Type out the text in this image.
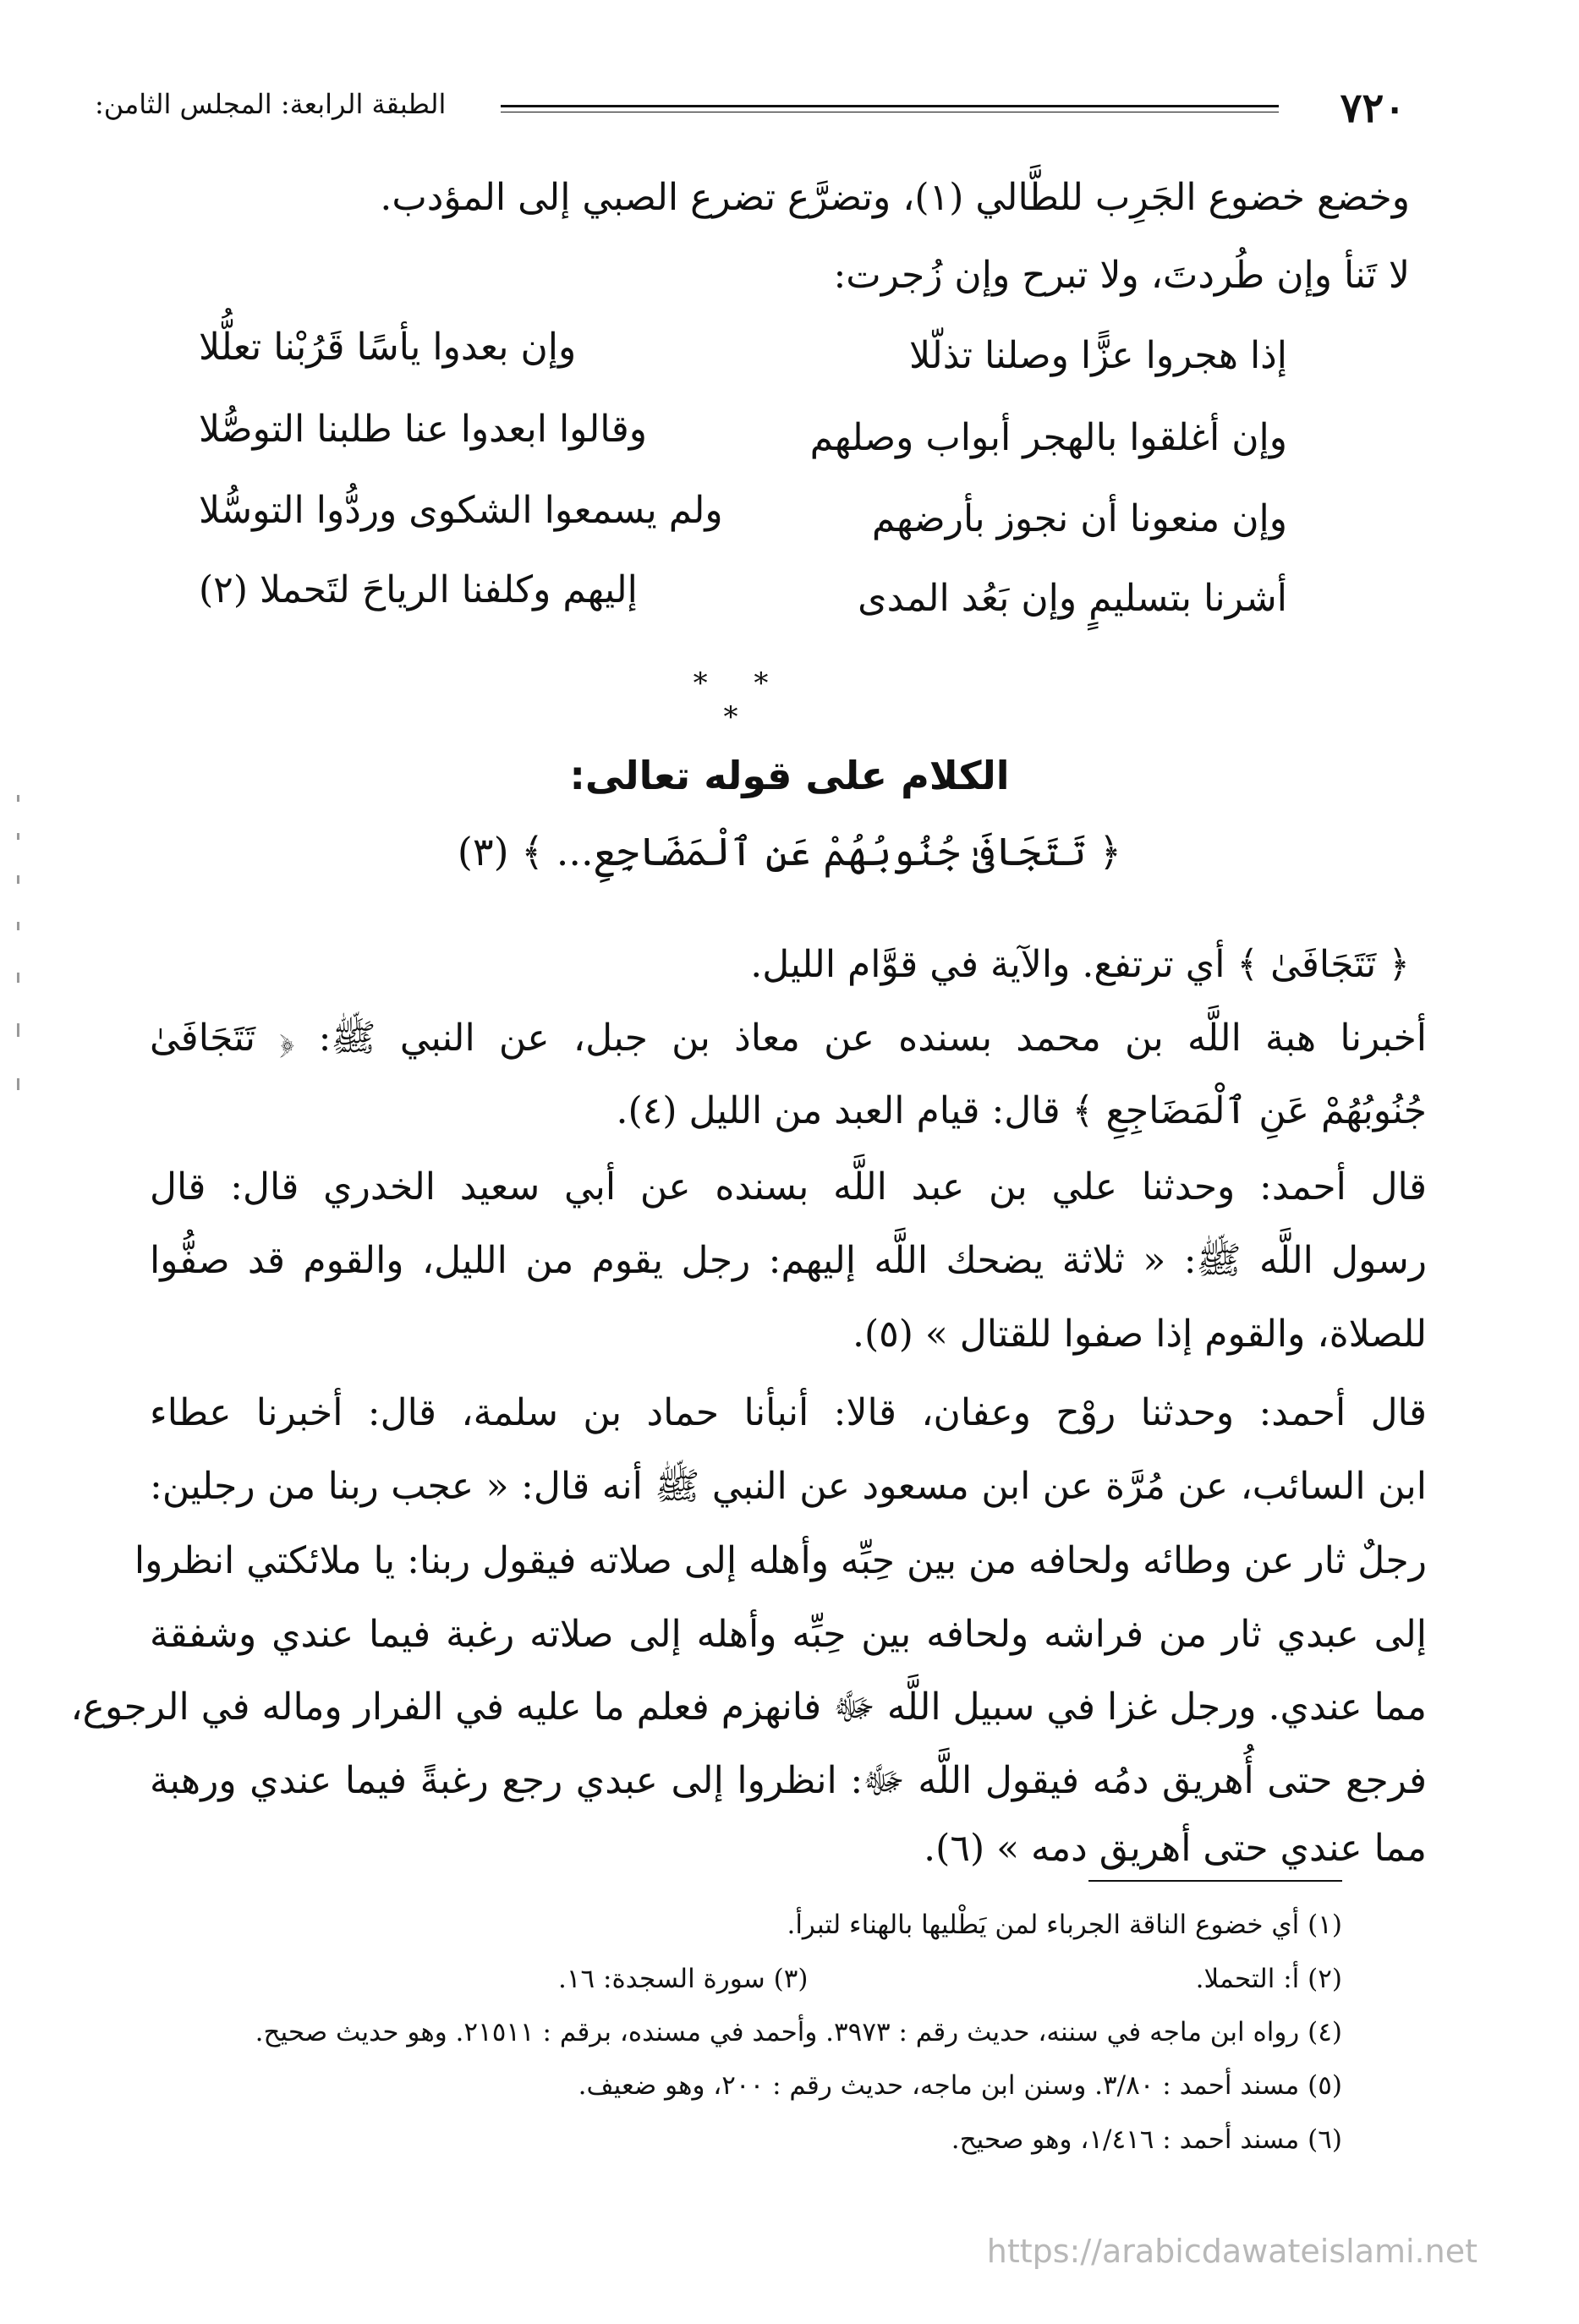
٧٢٠
الطبقة الرابعة: المجلس الثامن:
وخضع خضوع الجَرِب للطَّالي (١)، وتضرَّع تضرع الصبي إلى المؤدب.
لا تَنأ وإن طُردتَ، ولا تبرح وإن زُجرت:
إذا هجروا عزًّا وصلنا تذلّلا
وإن بعدوا يأسًا قَرُبْنا تعلُّلا
وإن أغلقوا بالهجر أبواب وصلهم
وقالوا ابعدوا عنا طلبنا التوصُّلا
وإن منعونا أن نجوز بأرضهم
ولم يسمعوا الشكوى وردُّوا التوسُّلا
أشرنا بتسليمٍ وإن بَعُد المدى
إليهم وكلفنا الرياحَ لتَحملا (٢)
* * *
الكلام على قوله تعالى:
﴿ تَتَجَافَىٰ جُنُوبُهُمْ عَنِ ٱلْمَضَاجِعِ... ﴾ (٣)
﴿ تَتَجَافَىٰ ﴾ أي ترتفع. والآية في قوَّام الليل.
أخبرنا هبة اللَّه بن محمد بسنده عن معاذ بن جبل، عن النبي ﷺ: ﴿ تَتَجَافَىٰ
جُنُوبُهُمْ عَنِ ٱلْمَضَاجِعِ ﴾ قال: قيام العبد من الليل (٤).
قال أحمد: وحدثنا علي بن عبد اللَّه بسنده عن أبي سعيد الخدري قال: قال
رسول اللَّه ﷺ: « ثلاثة يضحك اللَّه إليهم: رجل يقوم من الليل، والقوم قد صفُّوا
للصلاة، والقوم إذا صفوا للقتال » (٥).
قال أحمد: وحدثنا روْح وعفان، قالا: أنبأنا حماد بن سلمة، قال: أخبرنا عطاء
ابن السائب، عن مُرَّة عن ابن مسعود عن النبي ﷺ أنه قال: « عجب ربنا من رجلين:
رجلٌ ثار عن وطائه ولحافه من بين حِبِّه وأهله إلى صلاته فيقول ربنا: يا ملائكتي انظروا
إلى عبدي ثار من فراشه ولحافه بين حِبِّه وأهله إلى صلاته رغبة فيما عندي وشفقة
مما عندي. ورجل غزا في سبيل اللَّه ﷻ فانهزم فعلم ما عليه في الفرار وماله في الرجوع،
فرجع حتى أُهريق دمُه فيقول اللَّه ﷻ: انظروا إلى عبدي رجع رغبةً فيما عندي ورهبة
مما عندي حتى أهريق دمه » (٦).
(١) أي خضوع الناقة الجرباء لمن يَطْليها بالهناء لتبرأ.
(٢) أ: التحملا.
(٣) سورة السجدة: ١٦.
(٤) رواه ابن ماجه في سننه، حديث رقم : ٣٩٧٣. وأحمد في مسنده، برقم : ٢١٥١١. وهو حديث صحيح.
(٥) مسند أحمد : ٣/٨٠. وسنن ابن ماجه، حديث رقم : ٢٠٠، وهو ضعيف.
(٦) مسند أحمد : ١/٤١٦، وهو صحيح.
https://arabicdawateislami.net
